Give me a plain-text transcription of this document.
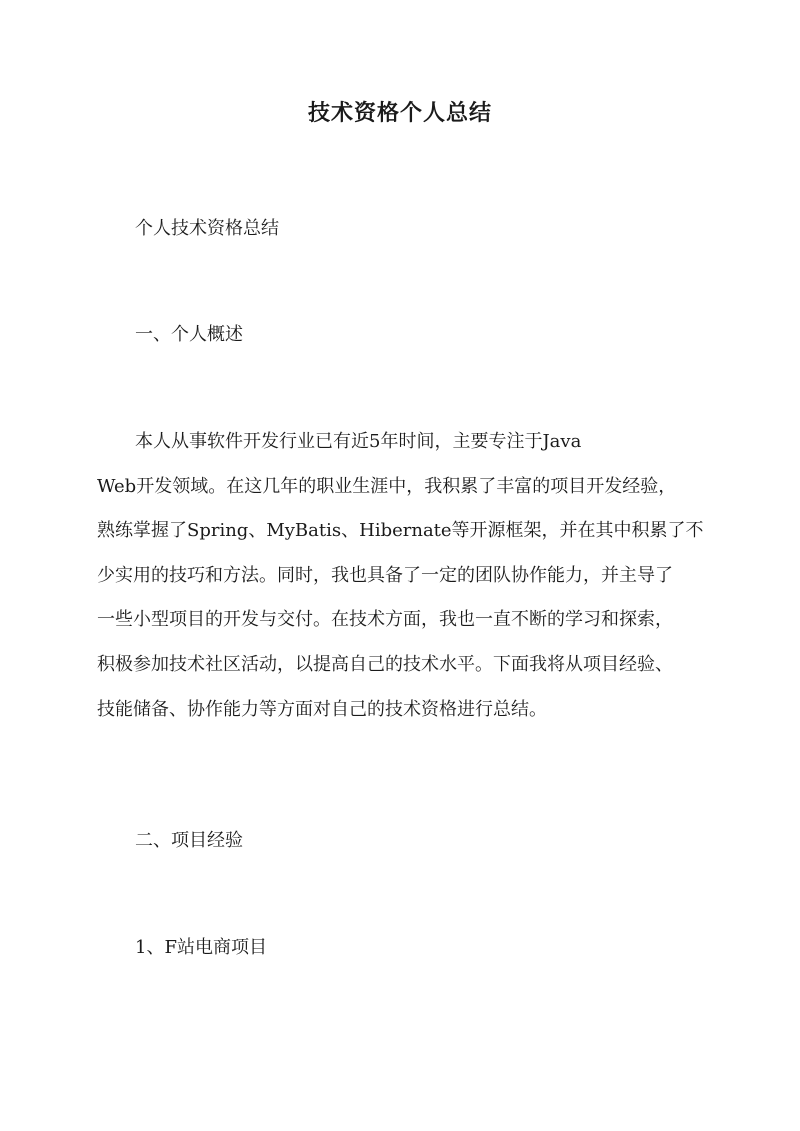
技术资格个人总结
个人技术资格总结
一、个人概述
本人从事软件开发行业已有近5年时间，主要专注于Java
Web开发领域。在这几年的职业生涯中，我积累了丰富的项目开发经验，
熟练掌握了Spring、MyBatis、Hibernate等开源框架，并在其中积累了不
少实用的技巧和方法。同时，我也具备了一定的团队协作能力，并主导了
一些小型项目的开发与交付。在技术方面，我也一直不断的学习和探索，
积极参加技术社区活动，以提高自己的技术水平。下面我将从项目经验、
技能储备、协作能力等方面对自己的技术资格进行总结。
二、项目经验
1、F站电商项目
